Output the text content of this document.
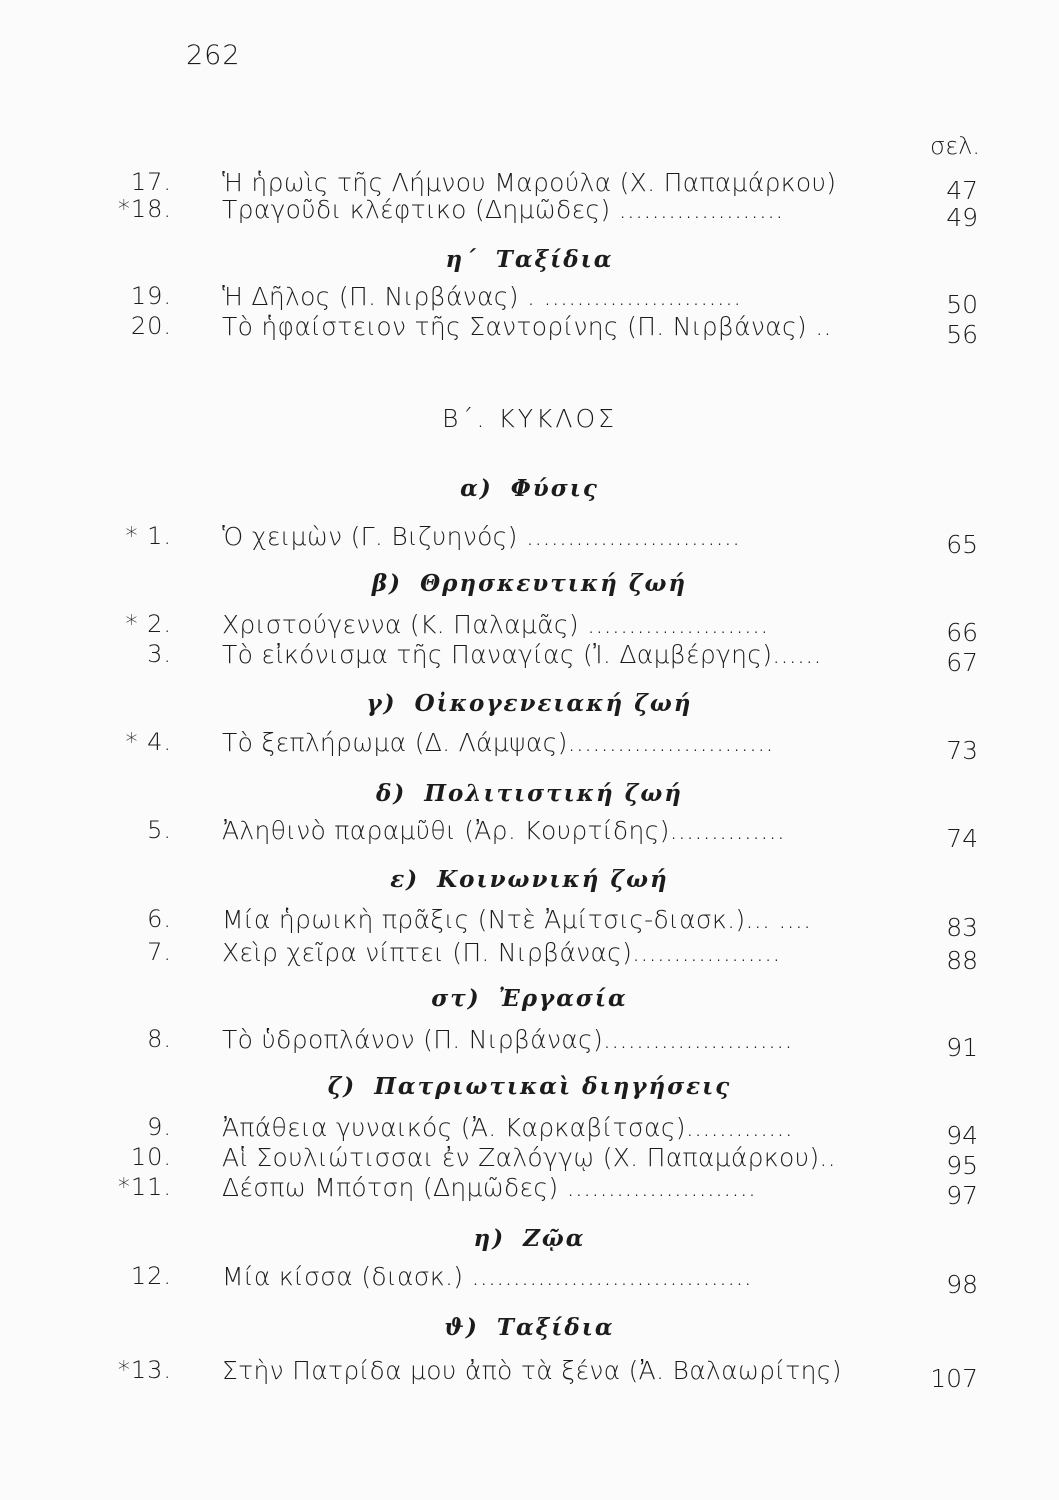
262
σελ.
17. Ἡ ἡρωὶς τῆς Λήμνου Μαρούλα (Χ. Παπαμάρκου)	47
*18. Τραγοῦδι κλέφτικο (Δημῶδες) ....................	49
η΄ Ταξίδια
19. Ἡ Δῆλος (Π. Νιρβάνας) . ........................	50
20. Τὸ ἡφαίστειον τῆς Σαντορίνης (Π. Νιρβάνας) ..	56
Β΄. ΚΥΚΛΟΣ
α) Φύσις
* 1. Ὁ χειμὼν (Γ. Βιζυηνός) ..........................	65
β) Θρησκευτική ζωή
* 2. Χριστούγεννα (Κ. Παλαμᾶς) ......................	66
3. Τὸ εἰκόνισμα τῆς Παναγίας (Ἰ. Δαμβέργης)......	67
γ) Οἰκογενειακή ζωή
* 4. Τὸ ξεπλήρωμα (Δ. Λάμψας).........................	73
δ) Πολιτιστική ζωή
5. Ἀληθινὸ παραμῦθι (Ἀρ. Κουρτίδης)..............	74
ε) Κοινωνική ζωή
6. Μία ἡρωικὴ πρᾶξις (Ντὲ Ἀμίτσις-διασκ.)... ....	83
7. Χεὶρ χεῖρα νίπτει (Π. Νιρβάνας)..................	88
στ) Ἐργασία
8. Τὸ ὑδροπλάνον (Π. Νιρβάνας).......................	91
ζ) Πατριωτικαὶ διηγήσεις
9. Ἀπάθεια γυναικός (Ἀ. Καρκαβίτσας).............	94
10. Αἱ Σουλιώτισσαι ἐν Ζαλόγγῳ (Χ. Παπαμάρκου)..	95
*11. Δέσπω Μπότση (Δημῶδες) .......................	97
η) Ζῷα
12. Μία κίσσα (διασκ.) ..................................	98
ϑ) Ταξίδια
*13. Στὴν Πατρίδα μου ἀπὸ τὰ ξένα (Ἀ. Βαλαωρίτης)	107
